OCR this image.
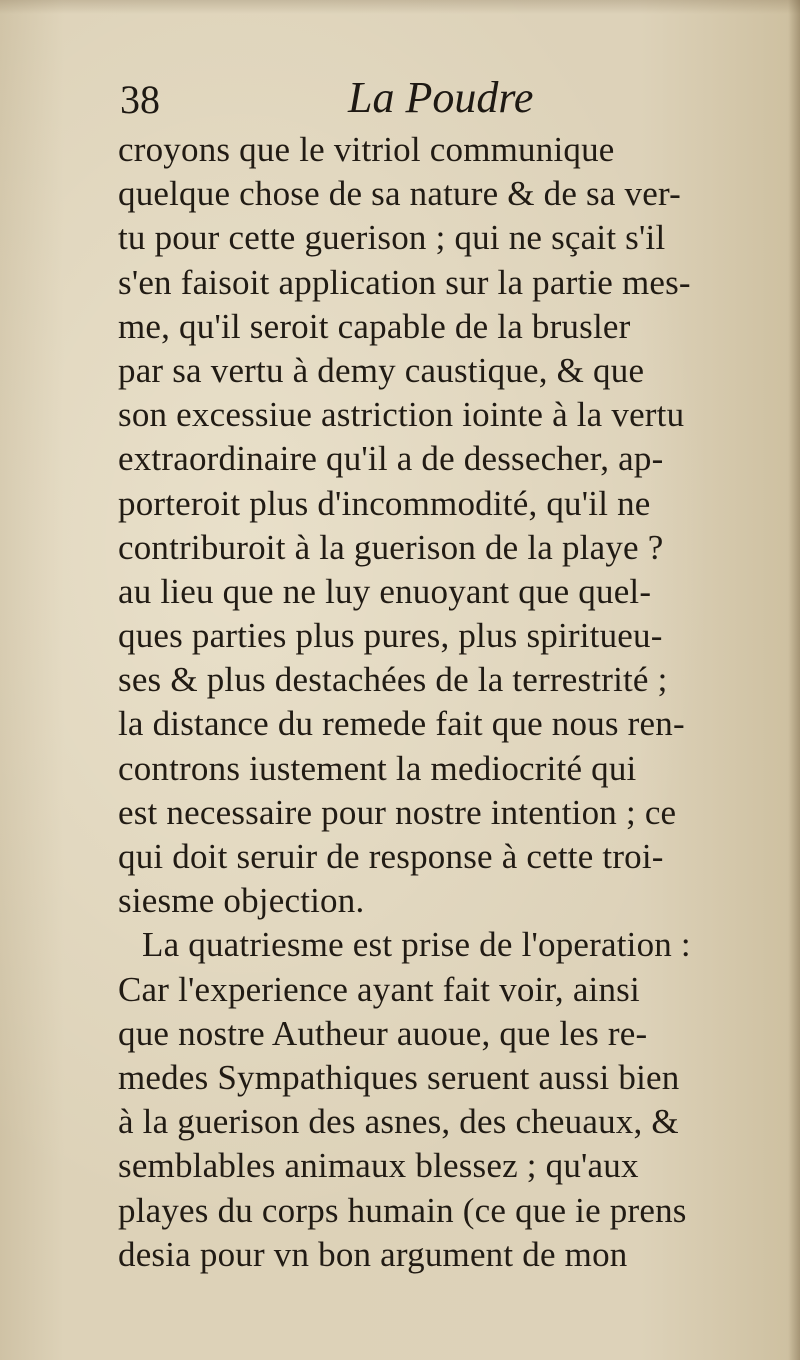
38	La Poudre
croyons que le vitriol communique
quelque chose de sa nature & de sa ver-
tu pour cette guerison ; qui ne sçait s'il
s'en faisoit application sur la partie mes-
me, qu'il seroit capable de la brusler
par sa vertu à demy caustique, & que
son excessiue astriction iointe à la vertu
extraordinaire qu'il a de dessecher, ap-
porteroit plus d'incommodité, qu'il ne
contriburoit à la guerison de la playe ?
au lieu que ne luy enuoyant que quel-
ques parties plus pures, plus spiritueu-
ses & plus destachées de la terrestrité ;
la distance du remede fait que nous ren-
controns iustement la mediocrité qui
est necessaire pour nostre intention ; ce
qui doit seruir de response à cette troi-
siesme objection.
La quatriesme est prise de l'operation :
Car l'experience ayant fait voir, ainsi
que nostre Autheur auoue, que les re-
medes Sympathiques seruent aussi bien
à la guerison des asnes, des cheuaux, &
semblables animaux blessez ; qu'aux
playes du corps humain (ce que ie prens
desia pour vn bon argument de mon
